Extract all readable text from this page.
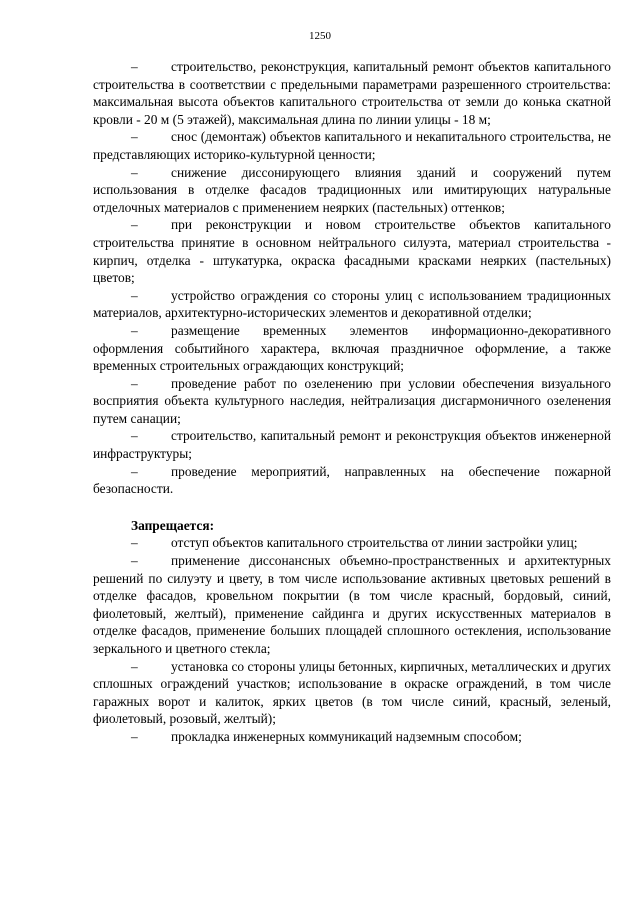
1250

– строительство, реконструкция, капитальный ремонт объектов капитального строительства в соответствии с предельными параметрами разрешенного строительства: максимальная высота объектов капитального строительства от земли до конька скатной кровли - 20 м (5 этажей), максимальная длина по линии улицы - 18 м;

– снос (демонтаж) объектов капитального и некапитального строительства, не представляющих историко-культурной ценности;

– снижение диссонирующего влияния зданий и сооружений путем использования в отделке фасадов традиционных или имитирующих натуральные отделочных материалов с применением неярких (пастельных) оттенков;

– при реконструкции и новом строительстве объектов капитального строительства принятие в основном нейтрального силуэта, материал строительства - кирпич, отделка - штукатурка, окраска фасадными красками неярких (пастельных) цветов;

– устройство ограждения со стороны улиц с использованием традиционных материалов, архитектурно-исторических элементов и декоративной отделки;

– размещение временных элементов информационно-декоративного оформления событийного характера, включая праздничное оформление, а также временных строительных ограждающих конструкций;

– проведение работ по озеленению при условии обеспечения визуального восприятия объекта культурного наследия, нейтрализация дисгармоничного озеленения путем санации;

– строительство, капитальный ремонт и реконструкция объектов инженерной инфраструктуры;

– проведение мероприятий, направленных на обеспечение пожарной безопасности.

Запрещается:

– отступ объектов капитального строительства от линии застройки улиц;

– применение диссонансных объемно-пространственных и архитектурных решений по силуэту и цвету, в том числе использование активных цветовых решений в отделке фасадов, кровельном покрытии (в том числе красный, бордовый, синий, фиолетовый, желтый), применение сайдинга и других искусственных материалов в отделке фасадов, применение больших площадей сплошного остекления, использование зеркального и цветного стекла;

– установка со стороны улицы бетонных, кирпичных, металлических и других сплошных ограждений участков; использование в окраске ограждений, в том числе гаражных ворот и калиток, ярких цветов (в том числе синий, красный, зеленый, фиолетовый, розовый, желтый);

– прокладка инженерных коммуникаций надземным способом;
